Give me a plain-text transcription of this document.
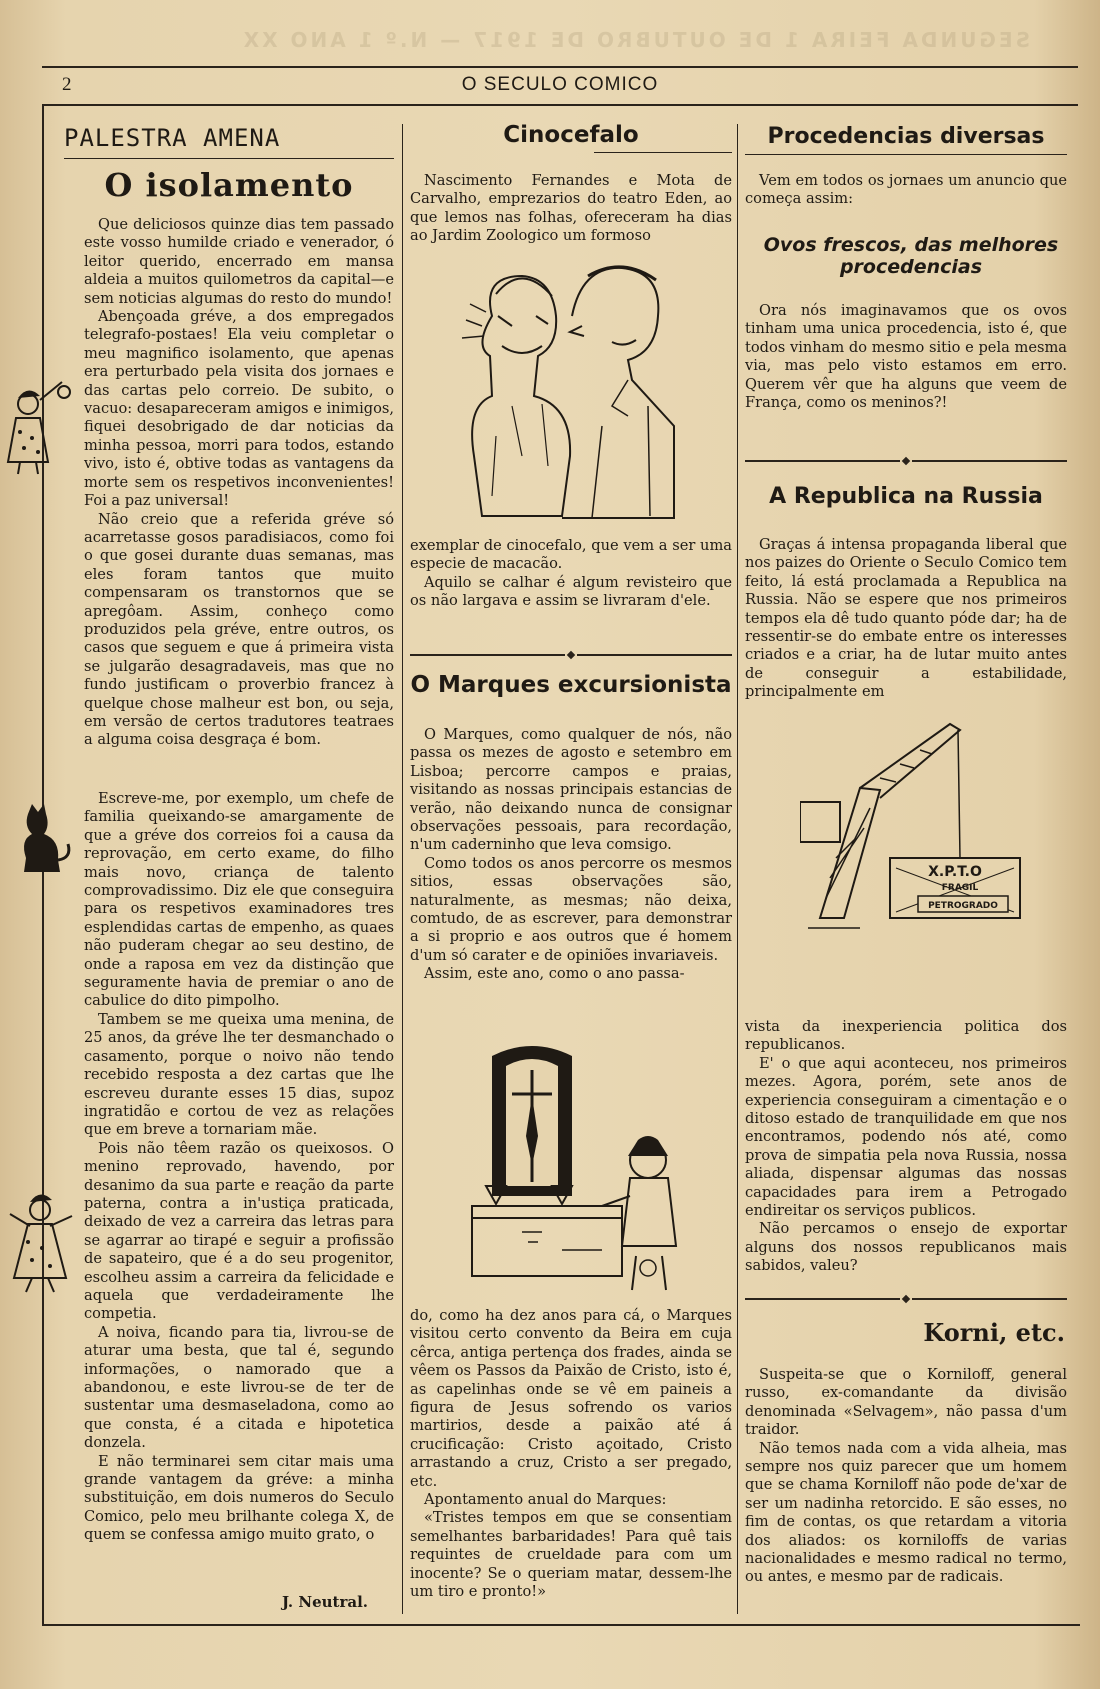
SEGUNDA FEIRA 1 DE OUTUBRO DE 1917 — N.º 1 ANO XX
2	O SECULO COMICO
PALESTRA AMENA
O isolamento

Que deliciosos quinze dias tem passado este vosso humilde criado e venerador, ó leitor querido, encerrado em mansa aldeia a muitos quilometros da capital—e sem noticias algumas do resto do mundo!

Abençoada gréve, a dos empregados telegrafo-postaes! Ela veiu completar o meu magnifico isolamento, que apenas era perturbado pela visita dos jornaes e das cartas pelo correio. De subito, o vacuo: desapareceram amigos e inimigos, fiquei desobrigado de dar noticias da minha pessoa, morri para todos, estando vivo, isto é, obtive todas as vantagens da morte sem os respetivos inconvenientes! Foi a paz universal!

Não creio que a referida gréve só acarretasse gosos paradisiacos, como foi o que gosei durante duas semanas, mas eles foram tantos que muito compensaram os transtornos que se apregôam. Assim, conheço como produzidos pela gréve, entre outros, os casos que seguem e que á primeira vista se julgarão desagradaveis, mas que no fundo justificam o proverbio francez à quelque chose malheur est bon, ou seja, em versão de certos tradutores teatraes a alguma coisa desgraça é bom.

Escreve-me, por exemplo, um chefe de familia queixando-se amargamente de que a gréve dos correios foi a causa da reprovação, em certo exame, do filho mais novo, criança de talento comprovadissimo. Diz ele que conseguira para os respetivos examinadores tres esplendidas cartas de empenho, as quaes não puderam chegar ao seu destino, de onde a raposa em vez da distinção que seguramente havia de premiar o ano de cabulice do dito pimpolho.

Tambem se me queixa uma menina, de 25 anos, da gréve lhe ter desmanchado o casamento, porque o noivo não tendo recebido resposta a dez cartas que lhe escreveu durante esses 15 dias, supoz ingratidão e cortou de vez as relações que em breve a tornariam mãe.

Pois não têem razão os queixosos. O menino reprovado, havendo, por desanimo da sua parte e reação da parte paterna, contra a in'ustiça praticada, deixado de vez a carreira das letras para se agarrar ao tirapé e seguir a profissão de sapateiro, que é a do seu progenitor, escolheu assim a carreira da felicidade e aquela que verdadeiramente lhe competia.

A noiva, ficando para tia, livrou-se de aturar uma besta, que tal é, segundo informações, o namorado que a abandonou, e este livrou-se de ter de sustentar uma desmaseladona, como ao que consta, é a citada e hipotetica donzela.

E não terminarei sem citar mais uma grande vantagem da gréve: a minha substituição, em dois numeros do Seculo Comico, pelo meu brilhante colega X, de quem se confessa amigo muito grato, o

J. Neutral.
Cinocefalo

Nascimento Fernandes e Mota de Carvalho, emprezarios do teatro Eden, ao que lemos nas folhas, ofereceram ha dias ao Jardim Zoologico um formoso

exemplar de cinocefalo, que vem a ser uma especie de macacão.

Aquilo se calhar é algum revisteiro que os não largava e assim se livraram d'ele.

O Marques excursionista

O Marques, como qualquer de nós, não passa os mezes de agosto e setembro em Lisboa; percorre campos e praias, visitando as nossas principais estancias de verão, não deixando nunca de consignar observações pessoais, para recordação, n'um caderninho que leva comsigo.

Como todos os anos percorre os mesmos sitios, essas observações são, naturalmente, as mesmas; não deixa, comtudo, de as escrever, para demonstrar a si proprio e aos outros que é homem d'um só carater e de opiniões invariaveis.

Assim, este ano, como o ano passa-

do, como ha dez anos para cá, o Marques visitou certo convento da Beira em cuja cêrca, antiga pertença dos frades, ainda se vêem os Passos da Paixão de Cristo, isto é, as capelinhas onde se vê em paineis a figura de Jesus sofrendo os varios martirios, desde a paixão até á crucificação: Cristo açoitado, Cristo arrastando a cruz, Cristo a ser pregado, etc.

Apontamento anual do Marques:

«Tristes tempos em que se consentiam semelhantes barbaridades! Para quê tais requintes de crueldade para com um inocente? Se o queriam matar, dessem-lhe um tiro e pronto!»

Procedencias diversas

Vem em todos os jornaes um anuncio que começa assim:

Ovos frescos, das melhores procedencias

Ora nós imaginavamos que os ovos tinham uma unica procedencia, isto é, que todos vinham do mesmo sitio e pela mesma via, mas pelo visto estamos em erro. Querem vêr que ha alguns que veem de França, como os meninos?!

A Republica na Russia

Graças á intensa propaganda liberal que nos paizes do Oriente o Seculo Comico tem feito, lá está proclamada a Republica na Russia. Não se espere que nos primeiros tempos ela dê tudo quanto póde dar; ha de ressentir-se do embate entre os interesses criados e a criar, ha de lutar muito antes de conseguir a estabilidade, principalmente em

X.P.T.O
FRAGIL
PETROGRADO

vista da inexperiencia politica dos republicanos.

E' o que aqui aconteceu, nos primeiros mezes. Agora, porém, sete anos de experiencia conseguiram a cimentação e o ditoso estado de tranquilidade em que nos encontramos, podendo nós até, como prova de simpatia pela nova Russia, nossa aliada, dispensar algumas das nossas capacidades para irem a Petrogado endireitar os serviços publicos.

Não percamos o ensejo de exportar alguns dos nossos republicanos mais sabidos, valeu?

Korni, etc.

Suspeita-se que o Korniloff, general russo, ex-comandante da divisão denominada «Selvagem», não passa d'um traidor.

Não temos nada com a vida alheia, mas sempre nos quiz parecer que um homem que se chama Korniloff não pode de'xar de ser um nadinha retorcido. E são esses, no fim de contas, os que retardam a vitoria dos aliados: os korniloffs de varias nacionalidades e mesmo radical no termo, ou antes, e mesmo par de radicais.
